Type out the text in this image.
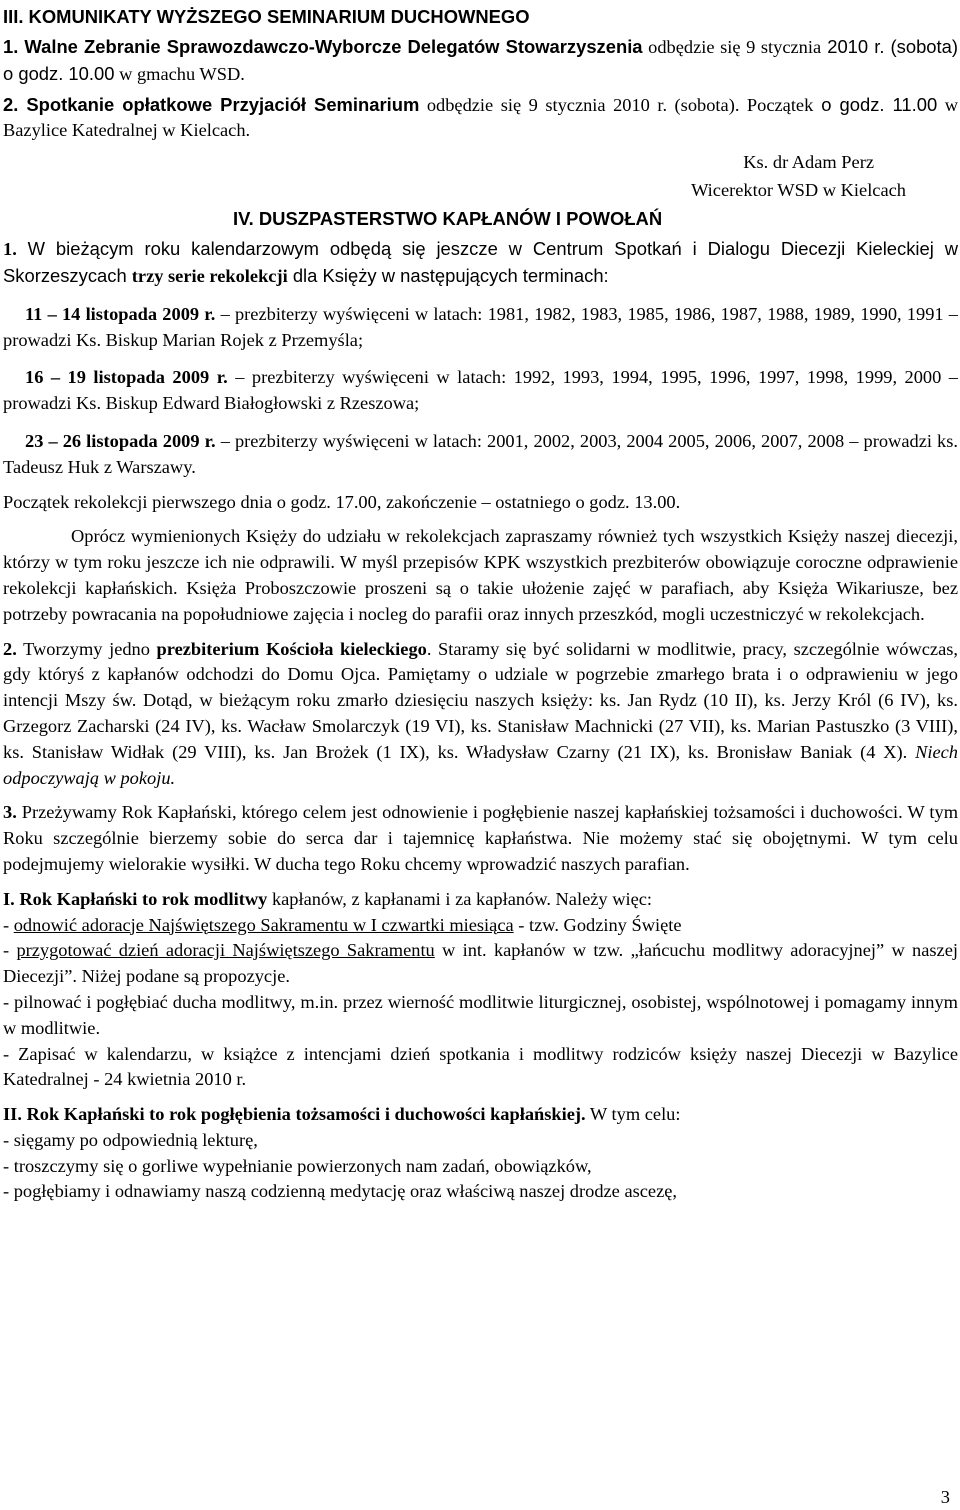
III. KOMUNIKATY WYŻSZEGO SEMINARIUM DUCHOWNEGO

1. Walne Zebranie Sprawozdawczo-Wyborcze Delegatów Stowarzyszenia odbędzie się 9 stycznia 2010 r. (sobota) o godz. 10.00 w gmachu WSD.

2. Spotkanie opłatkowe Przyjaciół Seminarium odbędzie się 9 stycznia 2010 r. (sobota). Początek o godz. 11.00 w Bazylice Katedralnej w Kielcach.

Ks. dr Adam Perz
Wicerektor WSD w Kielcach
IV. DUSZPASTERSTWO KAPŁANÓW I POWOŁAŃ

1. W bieżącym roku kalendarzowym odbędą się jeszcze w Centrum Spotkań i Dialogu Diecezji Kieleckiej w Skorzeszycach trzy serie rekolekcji dla Księży w następujących terminach:

11 – 14 listopada 2009 r. – prezbiterzy wyświęceni w latach: 1981, 1982, 1983, 1985, 1986, 1987, 1988, 1989, 1990, 1991 – prowadzi Ks. Biskup Marian Rojek z Przemyśla;
16 – 19 listopada 2009 r. – prezbiterzy wyświęceni w latach: 1992, 1993, 1994, 1995, 1996, 1997, 1998, 1999, 2000 – prowadzi Ks. Biskup Edward Białogłowski z Rzeszowa;
23 – 26 listopada 2009 r. – prezbiterzy wyświęceni w latach: 2001, 2002, 2003, 2004 2005, 2006, 2007, 2008 – prowadzi ks. Tadeusz Huk z Warszawy.

Początek rekolekcji pierwszego dnia o godz. 17.00, zakończenie – ostatniego o godz. 13.00.

Oprócz wymienionych Księży do udziału w rekolekcjach zapraszamy również tych wszystkich Księży naszej diecezji, którzy w tym roku jeszcze ich nie odprawili. W myśl przepisów KPK wszystkich prezbiterów obowiązuje coroczne odprawienie rekolekcji kapłańskich. Księża Proboszczowie proszeni są o takie ułożenie zajęć w parafiach, aby Księża Wikariusze, bez potrzeby powracania na popołudniowe zajęcia i nocleg do parafii oraz innych przeszkód, mogli uczestniczyć w rekolekcjach.

2. Tworzymy jedno prezbiterium Kościoła kieleckiego. Staramy się być solidarni w modlitwie, pracy, szczególnie wówczas, gdy któryś z kapłanów odchodzi do Domu Ojca. Pamiętamy o udziale w pogrzebie zmarłego brata i o odprawieniu w jego intencji Mszy św. Dotąd, w bieżącym roku zmarło dziesięciu naszych księży: ks. Jan Rydz (10 II), ks. Jerzy Król (6 IV), ks. Grzegorz Zacharski (24 IV), ks. Wacław Smolarczyk (19 VI), ks. Stanisław Machnicki (27 VII), ks. Marian Pastuszko (3 VIII), ks. Stanisław Widłak (29 VIII), ks. Jan Brożek (1 IX), ks. Władysław Czarny (21 IX), ks. Bronisław Baniak (4 X). Niech odpoczywają w pokoju.

3. Przeżywamy Rok Kapłański, którego celem jest odnowienie i pogłębienie naszej kapłańskiej tożsamości i duchowości. W tym Roku szczególnie bierzemy sobie do serca dar i tajemnicę kapłaństwa. Nie możemy stać się obojętnymi. W tym celu podejmujemy wielorakie wysiłki. W ducha tego Roku chcemy wprowadzić naszych parafian.

I. Rok Kapłański to rok modlitwy kapłanów, z kapłanami i za kapłanów. Należy więc:
- odnowić adoracje Najświętszego Sakramentu w I czwartki miesiąca - tzw. Godziny Święte
- przygotować dzień adoracji Najświętszego Sakramentu w int. kapłanów w tzw. „łańcuchu modlitwy adoracyjnej” w naszej Diecezji”. Niżej podane są propozycje.
- pilnować i pogłębiać ducha modlitwy, m.in. przez wierność modlitwie liturgicznej, osobistej, wspólnotowej i pomagamy innym w modlitwie.
- Zapisać w kalendarzu, w książce z intencjami dzień spotkania i modlitwy rodziców księży naszej Diecezji w Bazylice Katedralnej - 24 kwietnia 2010 r.
II. Rok Kapłański to rok pogłębienia tożsamości i duchowości kapłańskiej. W tym celu:
- sięgamy po odpowiednią lekturę,
- troszczymy się o gorliwe wypełnianie powierzonych nam zadań, obowiązków,
- pogłębiamy i odnawiamy naszą codzienną medytację oraz właściwą naszej drodze ascezę,
3
